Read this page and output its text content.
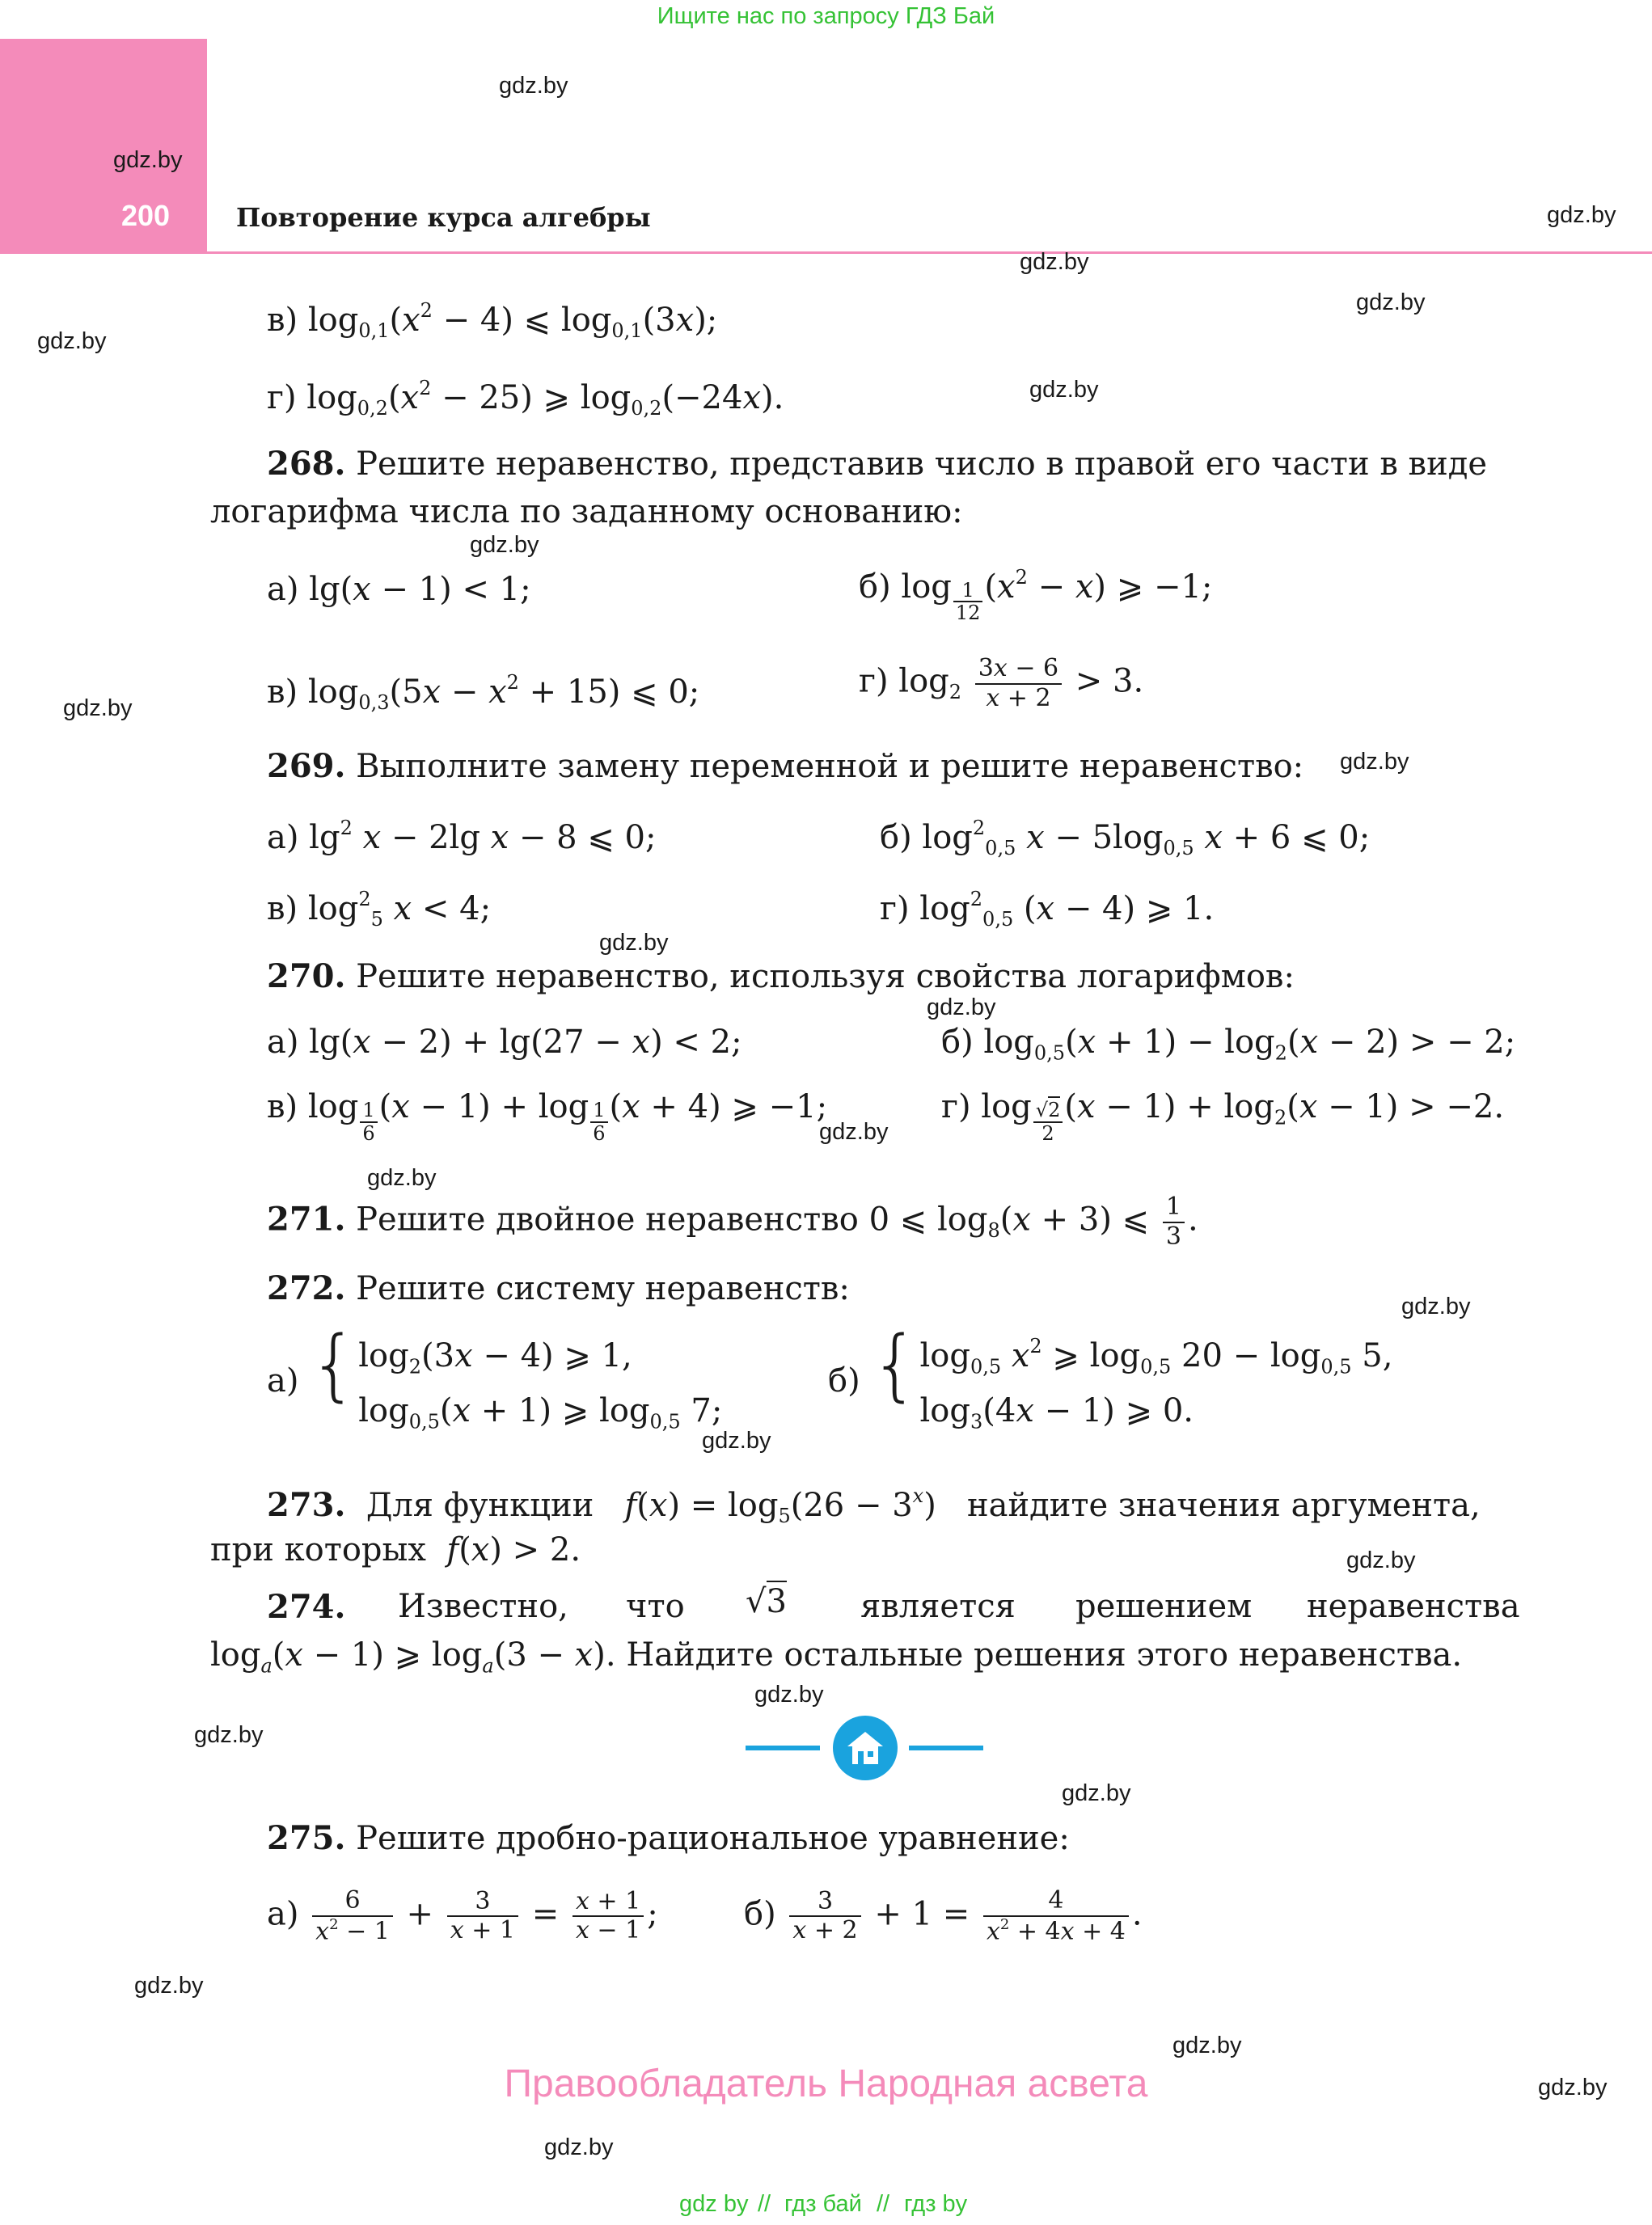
Ищите нас по запросу ГДЗ Бай
200	Повторение курса алгебры
gdz.by
gdz.by
gdz.by
gdz.by
gdz.by
gdz.by
gdz.by
gdz.by
gdz.by
gdz.by
gdz.by
gdz.by
gdz.by
gdz.by
gdz.by
gdz.by
gdz.by
gdz.by
gdz.by
gdz.by
gdz.by
gdz.by
gdz.by
gdz.by
в) $\log_{0,1}(x^2 - 4)$ ⩽ $\log_{0,1}(3x)$;
г) $\log_{0,2}(x^2 - 25)$ ⩾ $\log_{0,2}(-24x)$.
268. Решите неравенство, представив число в правой его части в виде
логарифма числа по заданному основанию:
а) lg(x − 1) < 1;	б) $\log \frac{1}{12} (x^2 - x)$ ⩾ −1;
в) $\log_{0,3}(5x - x^2 + 15)$ ⩽ 0;	г) $\log_2 \frac{3x - 6}{x + 2} > 3$.
269. Выполните замену переменной и решите неравенство:
а) $\lg^2 x - 2\lg$ x − 8 ⩽ 0;	б) $\log^2_{0,5} x - 5\log_{0,5}$ x + 6 ⩽ 0;
в) $\log^2_5 x < 4$;	г) $\log^2_{0,5} (x - 4)$ ⩾ 1.
270. Решите неравенство, используя свойства логарифмов:
а) lg(x − 2) + lg(27 − x) < 2;	б) $\log_{0,5}(x + 1) - \log_2(x - 2)$ > − 2;
в) $\log \frac{1}{6} (x - 1) + \log \frac{1}{6} (x + 4)$ ⩾ −1;	г) $\log \frac{√2}{2} (x - 1) + \log_2(x - 1) > -2$.
271. Решите двойное неравенство 0 ⩽ $\log_8(x + 3)$ ⩽ $\frac{1}{3}$ .
272. Решите систему неравенств:
а) {$\log_2(3x - 4)$ ⩾ 1,
$\log_{0,5}(x + 1)$ ⩾ $\log_{0,5} 7$;
б) {$\log_{0,5}$ $x^2$ ⩾ $\log_{0,5} 20 - \log_{0,5} 5$,
$\log_3(4x - 1)$ ⩾ 0.
273. Для функции $f(x) = \log_5(26 - 3^x)$   найдите значения аргумента,
при которых f(x) > 2.
274. Известно, что √3 является решением неравенства
$\log_a(x - 1)$ ⩾ $\log_a(3 - x)$. Найдите остальные решения этого неравенства.
275. Решите дробно-рациональное уравнение:
$а) \frac{6}{x^2 - 1} + \frac{3}{x + 1} = \frac{x + 1}{x - 1}$ ;	$б) \frac{3}{x + 2} + 1 = \frac{4}{x^2 + 4x + 4}$ .
Правообладатель Народная асвета
gdz by // гдз бай // гдз by
